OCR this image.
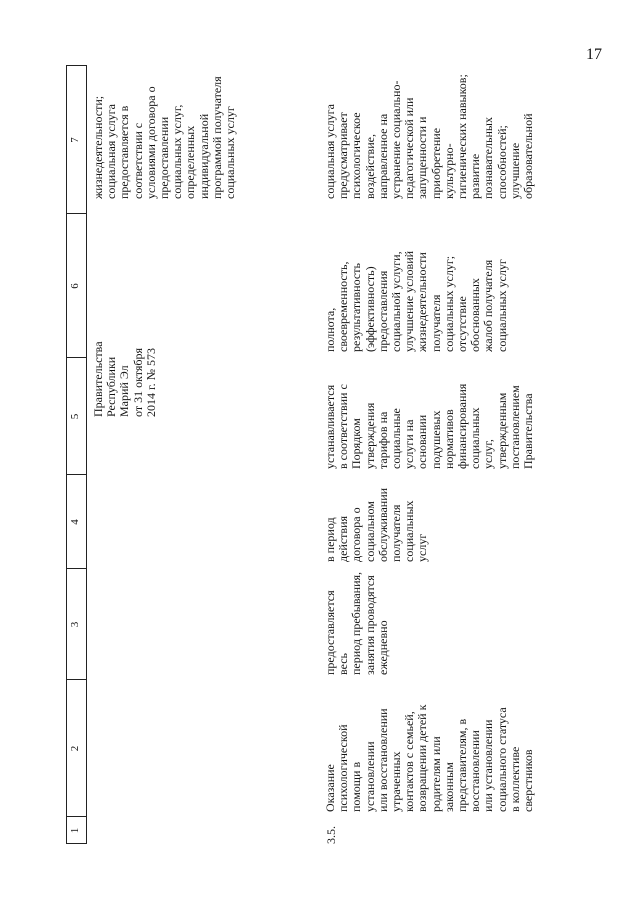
17
1
2
3
4
5
6
7
Правительства Республики Марий Эл от 31 октября 2014 г. № 573
жизнедеятельности; социальная услуга предоставляется в соответствии с условиями договора о предоставлении социальных услуг, определенных индивидуальной программой получателя социальных услуг
3.5.
Оказание психологической помощи в установлении или восстановлении утраченных контактов с семьей, возвращении детей к родителям или законным представителям, в восстановлении или установлении социального статуса в коллективе сверстников
предоставляется весь период пребывания, занятия проводятся ежедневно
в период действия договора о социальном обслуживании получателя социальных услуг
устанавливается в соответствии с Порядком утверждения тарифов на социальные услуги на основании подушевых нормативов финансирования социальных услуг, утвержденным постановлением Правительства
полнота, своевременность, результативность (эффективность) предоставления социальной услуги, улучшение условий жизнедеятельности получателя социальных услуг; отсутствие обоснованных жалоб получателя социальных услуг
социальная услуга предусматривает психологическое воздействие, направленное на устранение социально- педагогической или запущенности и приобретение культурно- гигиенических навыков; развитие познавательных способностей; улучшение образовательной
